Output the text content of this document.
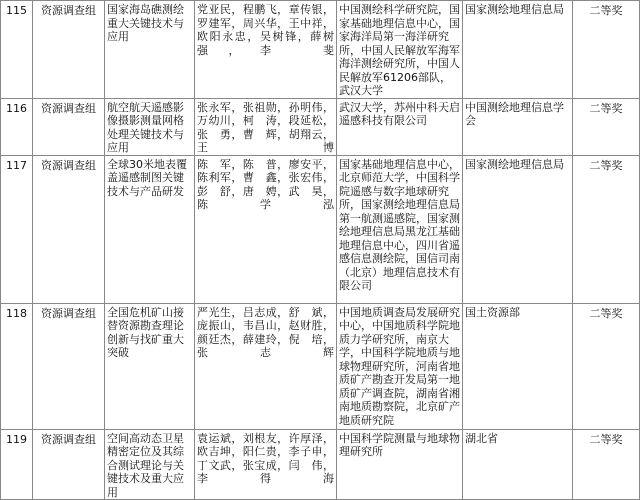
115	资源调查组	国家海岛礁测绘重大关键技术与应用	党亚民，程鹏飞，章传银，罗建军，周兴华，王中祥，欧阳永忠，吴树锋，薛树强，李　斐	中国测绘科学研究院，国家基础地理信息中心，国家海洋局第一海洋研究所，中国人民解放军海军海洋测绘研究所，中国人民解放军61206部队，武汉大学	国家测绘地理信息局	二等奖
116	资源调查组	航空航天遥感影像摄影测量网格处理关键技术与应用	张永军，张祖勋，孙明伟，万幼川，柯　涛，段延松，张　勇，曹　辉，胡翔云，王　博	武汉大学，苏州中科天启遥感科技有限公司	中国测绘地理信息学会	二等奖
117	资源调查组	全球30米地表覆盖遥感制图关键技术与产品研发	陈　军，陈　普，廖安平，陈利军，曹　鑫，张宏伟，彭　舒，唐　娉，武　昊，陈学泓	国家基础地理信息中心，北京师范大学，中国科学院遥感与数字地球研究所，国家测绘地理信息局第一航测遥感院，国家测绘地理信息局黑龙江基础地理信息中心，四川省遥感信息测绘院，国信司南（北京）地理信息技术有限公司	国家测绘地理信息局	二等奖
118	资源调查组	全国危机矿山接替资源勘查理论创新与找矿重大突破	严光生，吕志成，舒　斌，庞振山，韦昌山，赵财胜，颜廷杰，薛建玲，倪　培，张志辉	中国地质调查局发展研究中心，中国地质科学院地质力学研究所，南京大学，中国科学院地质与地球物理研究所，河南省地质矿产勘查开发局第一地质矿产调查院，湖南省湘南地质勘察院，北京矿产地质研究院	国土资源部	二等奖
119	资源调查组	空间高动态卫星精密定位及其综合测试理论与关键技术及重大应用	袁运斌，刘根友，许厚泽，欧吉坤，阳仁贵，李子申，丁文武，张宝成，闫　伟，李得海	中国科学院测量与地球物理研究所	湖北省	二等奖
